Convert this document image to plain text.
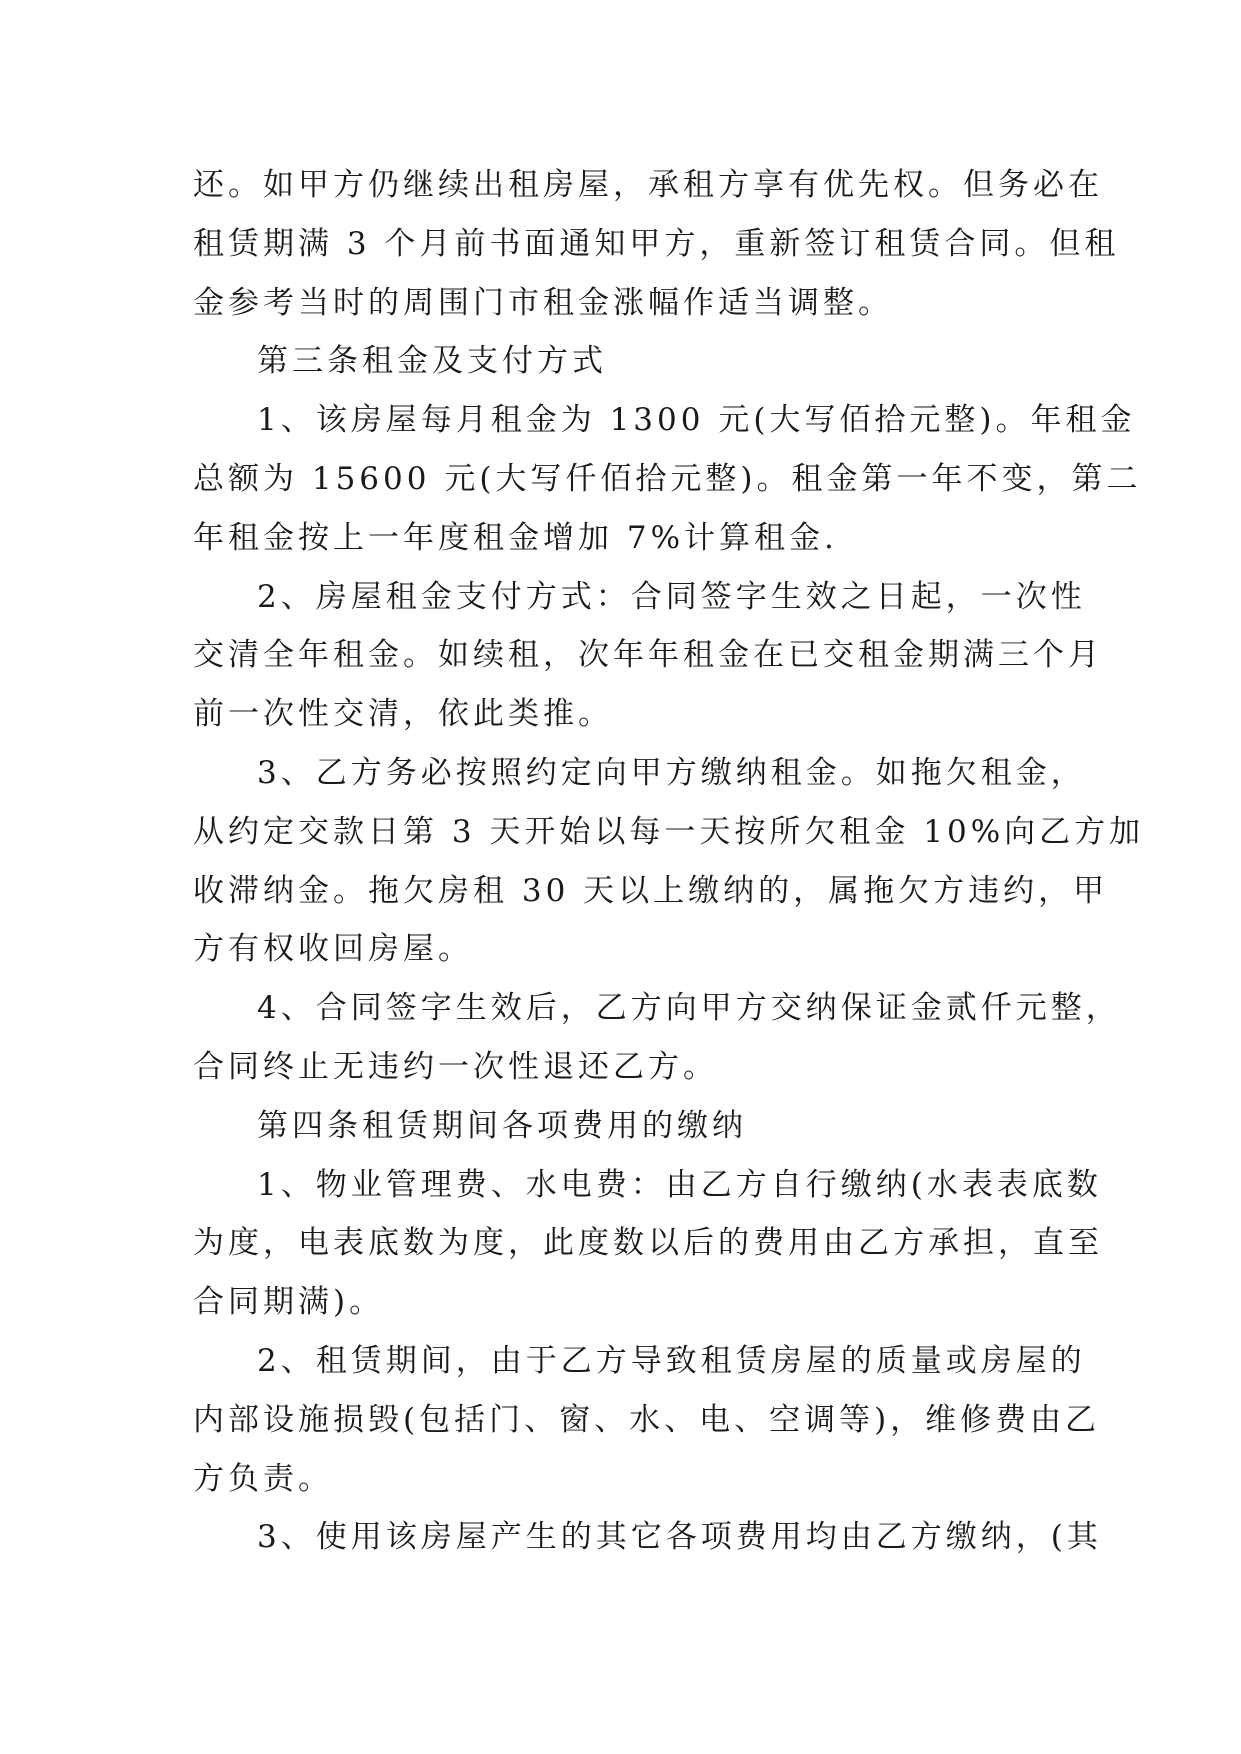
还。如甲方仍继续出租房屋，承租方享有优先权。但务必在
租赁期满 3 个月前书面通知甲方，重新签订租赁合同。但租
金参考当时的周围门市租金涨幅作适当调整。
第三条租金及支付方式
1、该房屋每月租金为 1300 元(大写佰拾元整)。年租金
总额为 15600 元(大写仟佰拾元整)。租金第一年不变，第二
年租金按上一年度租金增加 7%计算租金.
2、房屋租金支付方式：合同签字生效之日起，一次性
交清全年租金。如续租，次年年租金在已交租金期满三个月
前一次性交清，依此类推。
3、乙方务必按照约定向甲方缴纳租金。如拖欠租金，
从约定交款日第 3 天开始以每一天按所欠租金 10%向乙方加
收滞纳金。拖欠房租 30 天以上缴纳的，属拖欠方违约，甲
方有权收回房屋。
4、合同签字生效后，乙方向甲方交纳保证金贰仟元整，
合同终止无违约一次性退还乙方。
第四条租赁期间各项费用的缴纳
1、物业管理费、水电费：由乙方自行缴纳(水表表底数
为度，电表底数为度，此度数以后的费用由乙方承担，直至
合同期满)。
2、租赁期间，由于乙方导致租赁房屋的质量或房屋的
内部设施损毁(包括门、窗、水、电、空调等)，维修费由乙
方负责。
3、使用该房屋产生的其它各项费用均由乙方缴纳，(其
